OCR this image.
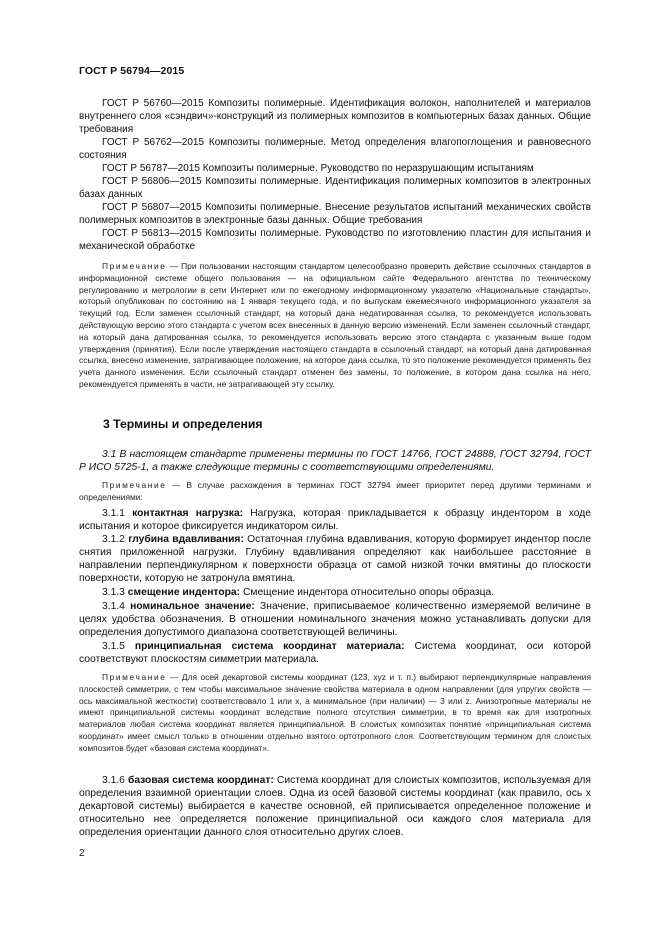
ГОСТ Р 56794—2015

ГОСТ Р 56760—2015 Композиты полимерные. Идентификация волокон, наполнителей и материалов внутреннего слоя «сэндвич»-конструкций из полимерных композитов в компьютерных базах данных. Общие требования

ГОСТ Р 56762—2015 Композиты полимерные. Метод определения влагопоглощения и равновесного состояния

ГОСТ Р 56787—2015 Композиты полимерные. Руководство по неразрушающим испытаниям

ГОСТ Р 56806—2015 Композиты полимерные. Идентификация полимерных композитов в электронных базах данных

ГОСТ Р 56807—2015 Композиты полимерные. Внесение результатов испытаний механических свойств полимерных композитов в электронные базы данных. Общие требования

ГОСТ Р 56813—2015 Композиты полимерные. Руководство по изготовлению пластин для испытания и механической обработке

Примечание — При пользовании настоящим стандартом целесообразно проверить действие ссылочных стандартов в информационной системе общего пользования — на официальном сайте Федерального агентства по техническому регулированию и метрологии в сети Интернет или по ежегодному информационному указателю «Национальные стандарты», который опубликован по состоянию на 1 января текущего года, и по выпускам ежемесячного информационного указателя за текущий год. Если заменен ссылочный стандарт, на который дана недатированная ссылка, то рекомендуется использовать действующую версию этого стандарта с учетом всех внесенных в данную версию изменений. Если заменен ссылочный стандарт, на который дана датированная ссылка, то рекомендуется использовать версию этого стандарта с указанным выше годом утверждения (принятия). Если после утверждения настоящего стандарта в ссылочный стандарт, на который дана датированная ссылка, внесено изменение, затрагивающее положение, на которое дана ссылка, то это положение рекомендуется применять без учета данного изменения. Если ссылочный стандарт отменен без замены, то положение, в котором дана ссылка на него, рекомендуется применять в части, не затрагивающей эту ссылку.

3 Термины и определения

3.1 В настоящем стандарте применены термины по ГОСТ 14766, ГОСТ 24888, ГОСТ 32794, ГОСТ Р ИСО 5725-1, а также следующие термины с соответствующими определениями.

Примечание — В случае расхождения в терминах ГОСТ 32794 имеет приоритет перед другими терминами и определениями:

3.1.1 контактная нагрузка: Нагрузка, которая прикладывается к образцу индентором в ходе испытания и которое фиксируется индикатором силы.

3.1.2 глубина вдавливания: Остаточная глубина вдавливания, которую формирует индентор после снятия приложенной нагрузки. Глубину вдавливания определяют как наибольшее расстояние в направлении перпендикулярном к поверхности образца от самой низкой точки вмятины до плоскости поверхности, которую не затронула вмятина.

3.1.3 смещение индентора: Смещение индентора относительно опоры образца.

3.1.4 номинальное значение: Значение, приписываемое количественно измеряемой величине в целях удобства обозначения. В отношении номинального значения можно устанавливать допуски для определения допустимого диапазона соответствующей величины.

3.1.5 принципиальная система координат материала: Система координат, оси которой соответствуют плоскостям симметрии материала.

Примечание — Для осей декартовой системы координат (123, xyz и т. п.) выбирают перпендикулярные направления плоскостей симметрии, с тем чтобы максимальное значение свойства материала в одном направлении (для упругих свойств — ось максимальной жесткости) соответствовало 1 или x, а минимальное (при наличии) — 3 или z. Анизотропные материалы не имеют принципиальной системы координат вследствие полного отсутствия симметрии, в то время как для изотропных материалов любая система координат является принципиальной. В слоистых композитах понятие «принципиальная система координат» имеет смысл только в отношении отдельно взятого ортотропного слоя. Соответствующим термином для слоистых композитов будет «базовая система координат».

3.1.6 базовая система координат: Система координат для слоистых композитов, используемая для определения взаимной ориентации слоев. Одна из осей базовой системы координат (как правило, ось x декартовой системы) выбирается в качестве основной, ей приписывается определенное положение и относительно нее определяется положение принципиальной оси каждого слоя материала для определения ориентации данного слоя относительно других слоев.

2
